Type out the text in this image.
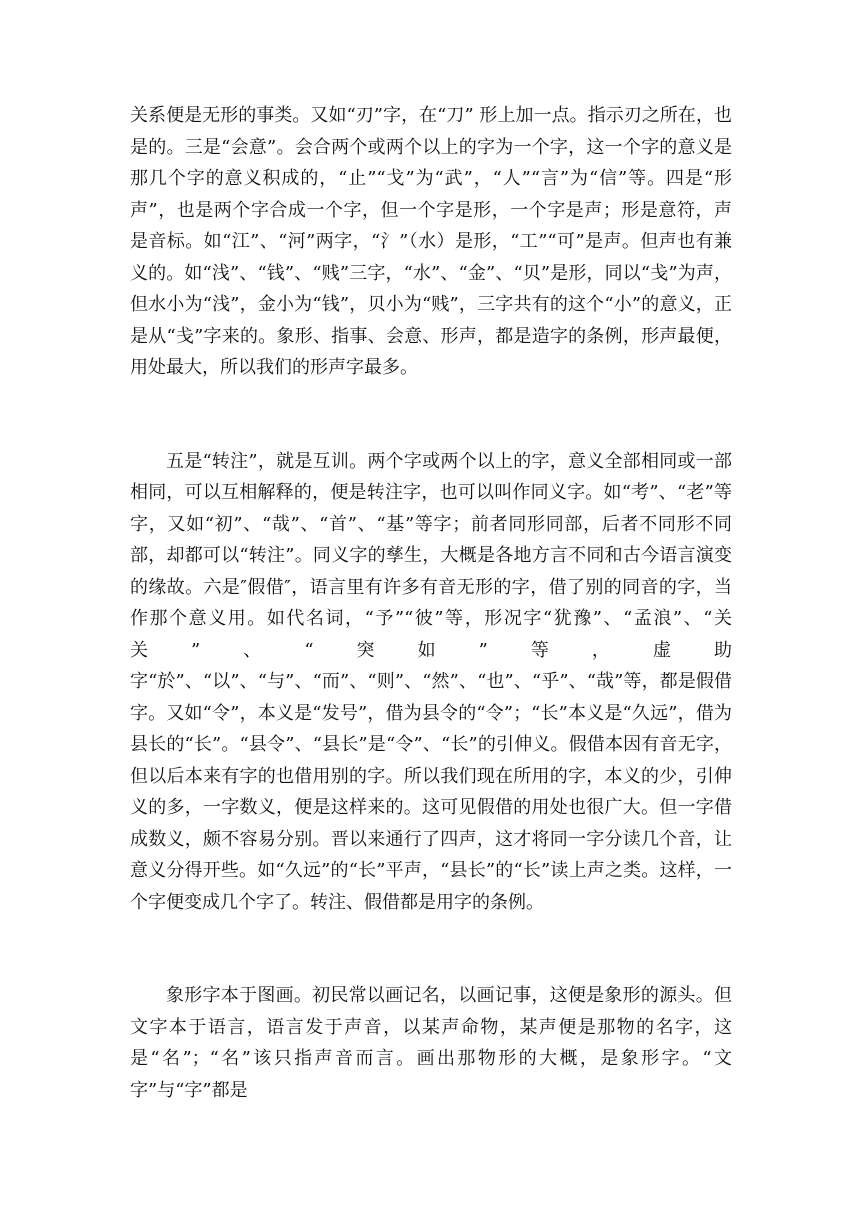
关系便是无形的事类。又如“刃”字，在“刀” 形上加一点。指示刃之所在，也是的。三是“会意”。会合两个或两个以上的字为一个字，这一个字的意义是那几个字的意义积成的，“止”“戈”为“武”，“人”“言”为“信”等。四是“形声”，也是两个字合成一个字，但一个字是形，一个字是声；形是意符，声是音标。如“江”、“河”两字，“氵”（水）是形，“工”“可”是声。但声也有兼义的。如“浅”、“钱”、“贱”三字，“水”、“金”、“贝”是形，同以“戋”为声，但水小为“浅”，金小为“钱”，贝小为“贱”，三字共有的这个“小”的意义，正是从“戋”字来的。象形、指事、会意、形声，都是造字的条例，形声最便，用处最大，所以我们的形声字最多。

五是“转注”，就是互训。两个字或两个以上的字，意义全部相同或一部相同，可以互相解释的，便是转注字，也可以叫作同义字。如“考”、“老”等字，又如“初”、“哉”、“首”、“基”等字；前者同形同部，后者不同形不同部，却都可以“转注”。同义字的孳生，大概是各地方言不同和古今语言演变的缘故。六是″假借″，语言里有许多有音无形的字，借了别的同音的字，当作那个意义用。如代名词，“予”“彼”等，形况字“犹豫”、“孟浪”、“关关”、“突如”等，虚助字“於”、“以”、“与”、“而”、“则”、“然”、“也”、“乎”、“哉”等，都是假借字。又如“令”，本义是“发号”，借为县令的“令”；“长”本义是“久远”，借为县长的“长”。“县令”、“县长”是“令”、“长”的引伸义。假借本因有音无字，但以后本来有字的也借用别的字。所以我们现在所用的字，本义的少，引伸义的多，一字数义，便是这样来的。这可见假借的用处也很广大。但一字借成数义，颇不容易分别。晋以来通行了四声，这才将同一字分读几个音，让意义分得开些。如“久远”的“长”平声，“县长”的“长”读上声之类。这样，一个字便变成几个字了。转注、假借都是用字的条例。

象形字本于图画。初民常以画记名，以画记事，这便是象形的源头。但文字本于语言，语言发于声音，以某声命物，某声便是那物的名字，这是“名”；“名”该只指声音而言。画出那物形的大概，是象形字。“文字”与“字”都是
